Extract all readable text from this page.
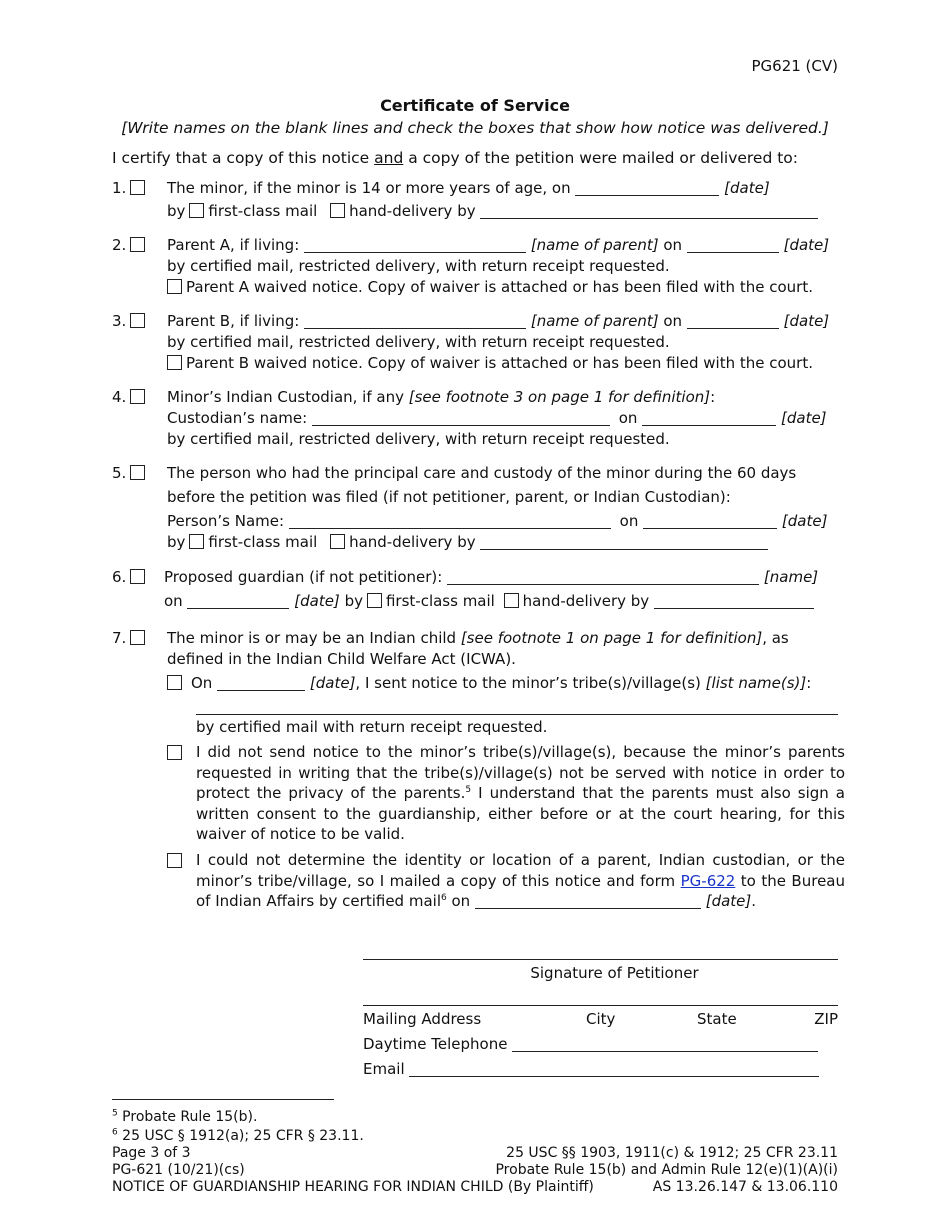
PG621 (CV)
Certificate of Service
[Write names on the blank lines and check the boxes that show how notice was delivered.]
I certify that a copy of this notice and a copy of the petition were mailed or delivered to:
1.	The minor, if the minor is 14 or more years of age, on	[date]
by first-class mail hand-delivery by
2.	Parent A, if living:	[name of parent] on	[date]
by certified mail, restricted delivery, with return receipt requested.
Parent A waived notice. Copy of waiver is attached or has been filed with the court.
3.	Parent B, if living:	[name of parent] on	[date]
by certified mail, restricted delivery, with return receipt requested.
Parent B waived notice. Copy of waiver is attached or has been filed with the court.
4.	Minor’s Indian Custodian, if any [see footnote 3 on page 1 for definition]:
Custodian’s name:	on	[date]
by certified mail, restricted delivery, with return receipt requested.
5.	The person who had the principal care and custody of the minor during the 60 days
before the petition was filed (if not petitioner, parent, or Indian Custodian):
Person’s Name:	on	[date]
by first-class mail hand-delivery by
6.	Proposed guardian (if not petitioner):	[name]
on	[date] by first-class mail hand-delivery by
7.	The minor is or may be an Indian child [see footnote 1 on page 1 for definition], as
defined in the Indian Child Welfare Act (ICWA).
On	[date], I sent notice to the minor’s tribe(s)/village(s) [list name(s)]:
by certified mail with return receipt requested.
I did not send notice to the minor’s tribe(s)/village(s), because the minor’s parents requested in writing that the tribe(s)/village(s) not be served with notice in order to protect the privacy of the parents.$^5$ I understand that the parents must also sign a written consent to the guardianship, either before or at the court hearing, for this waiver of notice to be valid.
I could not determine the identity or location of a parent, Indian custodian, or the minor’s tribe/village, so I mailed a copy of this notice and form PG-622 to the Bureau of Indian Affairs by certified mail$^6$ on	[date].
Signature of Petitioner
Mailing Address	City	State	ZIP
Daytime Telephone
Email
$^5$ Probate Rule 15(b).
$^6$ 25 USC § 1912(a); 25 CFR § 23.11.
Page 3 of 3
PG-621 (10/21)(cs)
NOTICE OF GUARDIANSHIP HEARING FOR INDIAN CHILD (By Plaintiff)
25 USC §§ 1903, 1911(c) & 1912; 25 CFR 23.11
Probate Rule 15(b) and Admin Rule 12(e)(1)(A)(i)
AS 13.26.147 & 13.06.110
